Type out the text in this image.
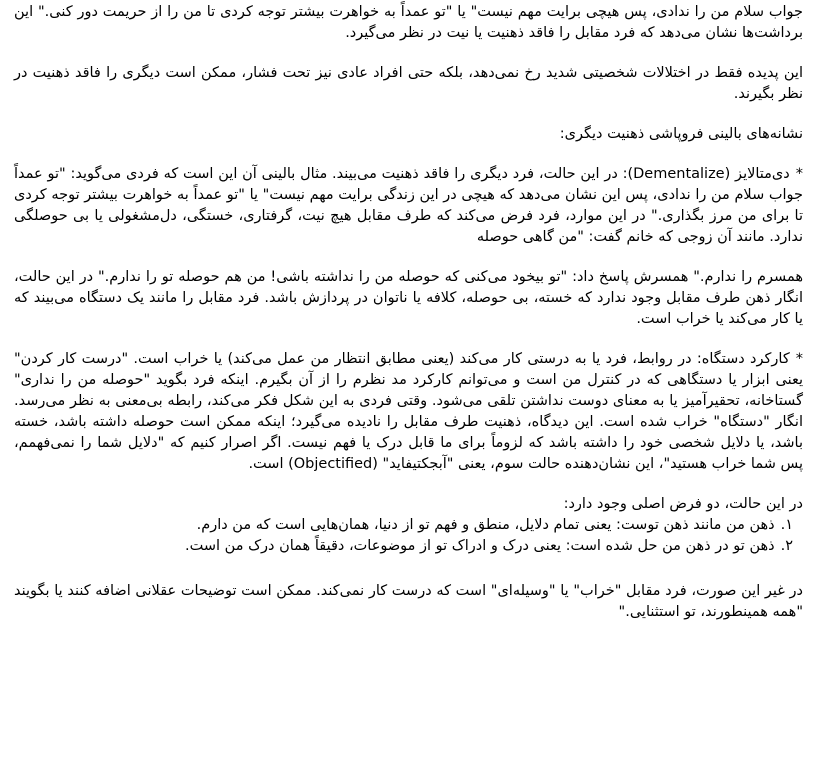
جواب سلام من را ندادی، پس هیچی برایت مهم نیست" یا "تو عمداً به خواهرت بیشتر توجه کردی تا من را از حریمت دور کنی." این برداشت‌ها نشان می‌دهد که فرد مقابل را فاقد ذهنیت یا نیت در نظر می‌گیرد.

این پدیده فقط در اختلالات شخصیتی شدید رخ نمی‌دهد، بلکه حتی افراد عادی نیز تحت فشار، ممکن است دیگری را فاقد ذهنیت در نظر بگیرند.

نشانه‌های بالینی فروپاشی ذهنیت دیگری:

*دی‌متالایز (Dementalize): در این حالت، فرد دیگری را فاقد ذهنیت می‌بیند. مثال بالینی آن این است که فردی می‌گوید: "تو عمداً جواب سلام من را ندادی، پس این نشان می‌دهد که هیچی در این زندگی برایت مهم نیست" یا "تو عمداً به خواهرت بیشتر توجه کردی تا برای من مرز بگذاری." در این موارد، فرد فرض می‌کند که طرف مقابل هیچ نیت، گرفتاری، خستگی، دل‌مشغولی یا بی حوصلگی ندارد. مانند آن زوجی که خانم گفت: "من گاهی حوصله

همسرم را ندارم." همسرش پاسخ داد: "تو بیخود می‌کنی که حوصله من را نداشته باشی! من هم حوصله تو را ندارم." در این حالت، انگار ذهن طرف مقابل وجود ندارد که خسته، بی حوصله، کلافه یا ناتوان در پردازش باشد. فرد مقابل را مانند یک دستگاه می‌بیند که یا کار می‌کند یا خراب است.

*کارکرد دستگاه: در روابط، فرد یا به درستی کار می‌کند (یعنی مطابق انتظار من عمل می‌کند) یا خراب است. "درست کار کردن" یعنی ابزار یا دستگاهی که در کنترل من است و می‌توانم کارکرد مد نظرم را از آن بگیرم. اینکه فرد بگوید "حوصله من را نداری" گستاخانه، تحقیرآمیز یا به معنای دوست نداشتن تلقی می‌شود. وقتی فردی به این شکل فکر می‌کند، رابطه بی‌معنی به نظر می‌رسد. انگار "دستگاه" خراب شده است. این دیدگاه، ذهنیت طرف مقابل را نادیده می‌گیرد؛ اینکه ممکن است حوصله داشته باشد، خسته باشد، یا دلایل شخصی خود را داشته باشد که لزوماً برای ما قابل درک یا فهم نیست. اگر اصرار کنیم که "دلایل شما را نمی‌فهمم، پس شما خراب هستید"، این نشان‌دهنده حالت سوم، یعنی "آبجکتیفاید" (Objectified) است.

در این حالت، دو فرض اصلی وجود دارد:
۱.ذهن من مانند ذهن توست: یعنی تمام دلایل، منطق و فهم تو از دنیا، همان‌هایی است که من دارم.
۲.ذهن تو در ذهن من حل شده است: یعنی درک و ادراک تو از موضوعات، دقیقاً همان درک من است.

در غیر این صورت، فرد مقابل "خراب" یا "وسیله‌ای" است که درست کار نمی‌کند. ممکن است توضیحات عقلانی اضافه کنند یا بگویند "همه همینطورند، تو استثنایی."
